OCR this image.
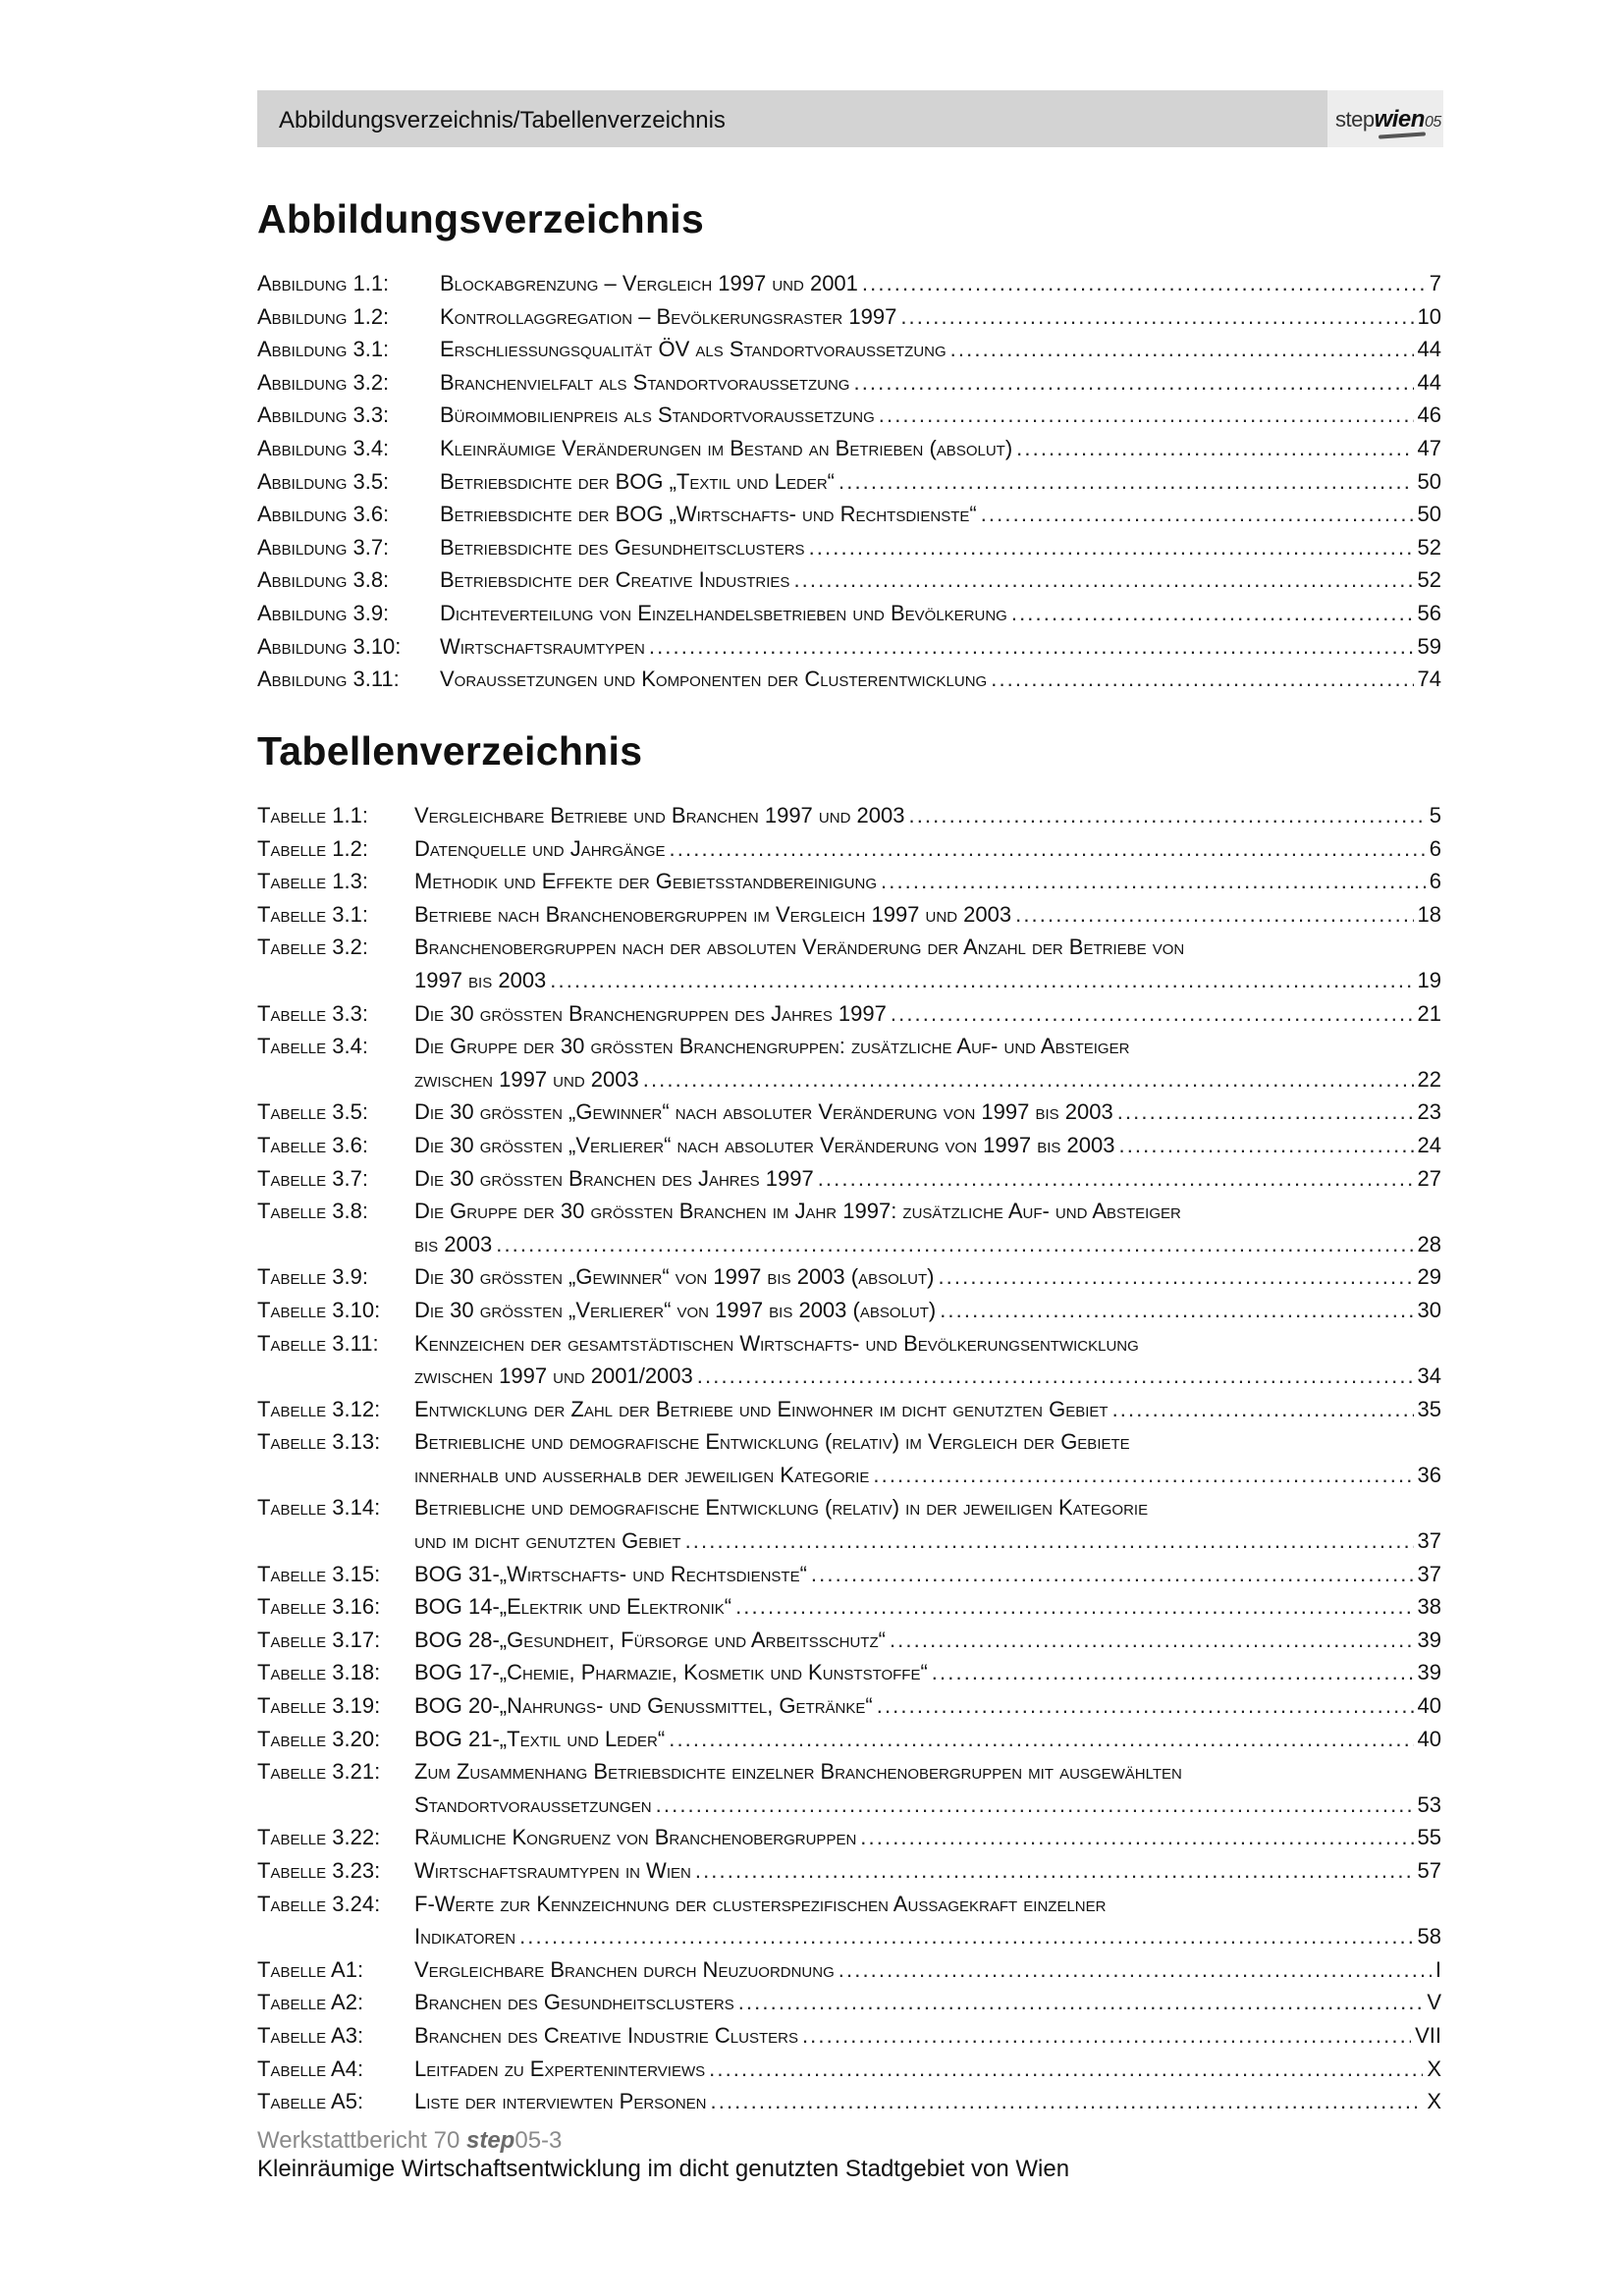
Abbildungsverzeichnis/Tabellenverzeichnis	stepwien05
Abbildungsverzeichnis
Abbildung 1.1:	Blockabgrenzung – Vergleich 1997 und 2001 . . .	7
Abbildung 1.2:	Kontrollaggregation – Bevölkerungsraster 1997 . . .	10
Abbildung 3.1:	Erschliessungsqualität ÖV als Standortvoraussetzung . . .	44
Abbildung 3.2:	Branchenvielfalt als Standortvoraussetzung . . .	44
Abbildung 3.3:	Büroimmobilienpreis als Standortvoraussetzung . . .	46
Abbildung 3.4:	Kleinräumige Veränderungen im Bestand an Betrieben (absolut) . . .	47
Abbildung 3.5:	Betriebsdichte der BOG „Textil und Leder“ . . .	50
Abbildung 3.6:	Betriebsdichte der BOG „Wirtschafts- und Rechtsdienste“ . . .	50
Abbildung 3.7:	Betriebsdichte des Gesundheitsclusters . . .	52
Abbildung 3.8:	Betriebsdichte der Creative Industries . . .	52
Abbildung 3.9:	Dichteverteilung von Einzelhandelsbetrieben und Bevölkerung . . .	56
Abbildung 3.10:	Wirtschaftsraumtypen . . .	59
Abbildung 3.11:	Voraussetzungen und Komponenten der Clusterentwicklung . . .	74
Tabellenverzeichnis
Tabelle 1.1:	Vergleichbare Betriebe und Branchen 1997 und 2003 . . .	5
Tabelle 1.2:	Datenquelle und Jahrgänge . . .	6
Tabelle 1.3:	Methodik und Effekte der Gebietsstandbereinigung . . .	6
Tabelle 3.1:	Betriebe nach Branchenobergruppen im Vergleich 1997 und 2003 . . .	18
Tabelle 3.2:	Branchenobergruppen nach der absoluten Veränderung der Anzahl der Betriebe von
1997 bis 2003 . . .	19
Tabelle 3.3:	Die 30 grössten Branchengruppen des Jahres 1997 . . .	21
Tabelle 3.4:	Die Gruppe der 30 grössten Branchengruppen: zusätzliche Auf- und Absteiger
zwischen 1997 und 2003 . . .	22
Tabelle 3.5:	Die 30 grössten „Gewinner“ nach absoluter Veränderung von 1997 bis 2003 . . .	23
Tabelle 3.6:	Die 30 grössten „Verlierer“ nach absoluter Veränderung von 1997 bis 2003 . . .	24
Tabelle 3.7:	Die 30 grössten Branchen des Jahres 1997 . . .	27
Tabelle 3.8:	Die Gruppe der 30 grössten Branchen im Jahr 1997: zusätzliche Auf- und Absteiger
bis 2003 . . .	28
Tabelle 3.9:	Die 30 grössten „Gewinner“ von 1997 bis 2003 (absolut) . . .	29
Tabelle 3.10:	Die 30 grössten „Verlierer“ von 1997 bis 2003 (absolut) . . .	30
Tabelle 3.11:	Kennzeichen der gesamtstädtischen Wirtschafts- und Bevölkerungsentwicklung
zwischen 1997 und 2001/2003 . . .	34
Tabelle 3.12:	Entwicklung der Zahl der Betriebe und Einwohner im dicht genutzten Gebiet . . .	35
Tabelle 3.13:	Betriebliche und demografische Entwicklung (relativ) im Vergleich der Gebiete
innerhalb und ausserhalb der jeweiligen Kategorie . . .	36
Tabelle 3.14:	Betriebliche und demografische Entwicklung (relativ) in der jeweiligen Kategorie
und im dicht genutzten Gebiet . . .	37
Tabelle 3.15:	BOG 31-„Wirtschafts- und Rechtsdienste“ . . .	37
Tabelle 3.16:	BOG 14-„Elektrik und Elektronik“ . . .	38
Tabelle 3.17:	BOG 28-„Gesundheit, Fürsorge und Arbeitsschutz“ . . .	39
Tabelle 3.18:	BOG 17-„Chemie, Pharmazie, Kosmetik und Kunststoffe“ . . .	39
Tabelle 3.19:	BOG 20-„Nahrungs- und Genussmittel, Getränke“ . . .	40
Tabelle 3.20:	BOG 21-„Textil und Leder“ . . .	40
Tabelle 3.21:	Zum Zusammenhang Betriebsdichte einzelner Branchenobergruppen mit ausgewählten
Standortvoraussetzungen . . .	53
Tabelle 3.22:	Räumliche Kongruenz von Branchenobergruppen . . .	55
Tabelle 3.23:	Wirtschaftsraumtypen in Wien . . .	57
Tabelle 3.24:	F-Werte zur Kennzeichnung der clusterspezifischen Aussagekraft einzelner
Indikatoren . . .	58
Tabelle A1:	Vergleichbare Branchen durch Neuzuordnung . . .	I
Tabelle A2:	Branchen des Gesundheitsclusters . . .	V
Tabelle A3:	Branchen des Creative Industrie Clusters . . .	VII
Tabelle A4:	Leitfaden zu Experteninterviews . . .	X
Tabelle A5:	Liste der interviewten Personen . . .	X
Werkstattbericht 70 step05-3
Kleinräumige Wirtschaftsentwicklung im dicht genutzten Stadtgebiet von Wien
